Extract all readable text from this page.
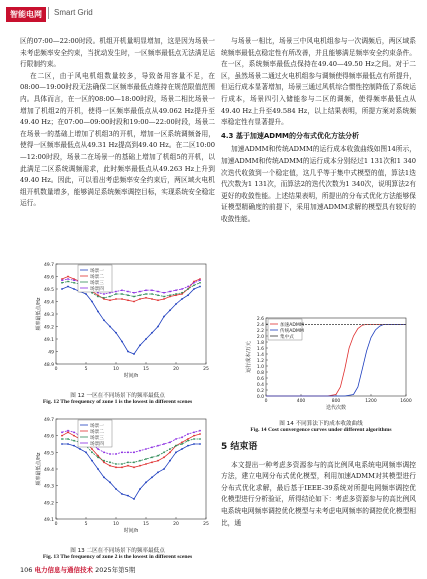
智能电网	Smart Grid

区的07:00—22:00时段。机组开机量明显增加，这是因为场景一未考虑频率安全约束，当扰动发生时，一区频率最低点无法满足运行限制约束。

在二区，由于风电机组数量较多，导致备用容量不足，在08:00—19:00时段无法确保二区频率最低点维持在规范限值范围内。具体而言，在一区的08:00—18:00时段，场景二相比场景一增加了机组2的开机，使得一区频率最低点从49.062 Hz提升至49.40 Hz；在07:00—09:00时段和19:00—22:00时段，场景二在场景一的基础上增加了机组3的开机，增加一区系统调频备用，使得一区频率最低点从49.31 Hz提高到49.40 Hz。在二区10:00—12:00时段，场景二在场景一的基础上增加了机组5的开机，以此满足二区系统调频需求，此时频率最低点从49.263 Hz上升到49.40 Hz。因此，可以看出考虑频率安全约束后，两区域火电机组开机数量增多，能够满足系统频率调控目标，实现系统安全稳定运行。

48.9
49
49.1
49.2
49.3
49.4
49.5
49.6
49.7
0	5	10	15	20	25
时间/h
频率最低点/Hz
场景一
场景二
场景三
场景四
图 12 一区在不同场景下的频率最低点
Fig. 12 The frequency of zone 1 is the lowest in different scenes
49.1
49.2
49.3
49.4
49.5
49.6
49.7
0	5	10	15	20	25
时间/h
频率最低点/Hz
场景一
场景二
场景三
场景四
图 13 二区在不同场景下的频率最低点
Fig. 13 The frequency of zone 2 is the lowest in different scenes

与场景一相比，场景三中风电机组参与一次调频后，两区域系统频率最低点稳定性有所改善，并且能够满足频率安全约束条件。在一区，系统频率最低点保持在49.40—49.50 Hz之间。对于二区，虽然场景二通过火电机组参与调频使得频率最低点有所提升，但运行成本显著增加，场景三通过风机综合惯性控制降低了系统运行成本，场景四引入储能参与二区的调频，使得频率最低点从49.40 Hz上升至49.584 Hz，以上结果表明，所提方案对系统频率稳定性有显著提升。

4.3 基于加速ADMM的分布式优化方法分析

加速ADMM和传统ADMM的运行成本收敛曲线如图14所示，加速ADMM和传统ADMM的运行成本分别经过1 131次和1 340次迭代收敛到一个稳定值，这几乎等于集中式模型的值，算法1迭代次数为1 131次，而算法2的迭代次数为1 340次，说明算法2有更好的收敛性能。上述结果表明，所提出的分布式优化方法能够保证模型精确度的前提下，采用加速ADMM求解的模型具有较好的收敛性能。

0.0
0.2
0.4
0.6
0.8
1.0
1.2
1.4
1.6
1.8
2.0
2.2
2.4
2.6
0	400	800	1200	1600
迭代次数
运行成本/万元
加速ADMM
传统ADMM
集中式
图 14 不同算法下的成本收敛曲线
Fig. 14 Cost convergence curves under different algorithms
5 结束语

本文提出一种考虑多资源参与的高比例风电系统电网频率调控方法，建立电网分布式优化模型，利用加速ADMM对其模型进行分布式优化求解，最后基于IEEE-39系统对所提电网频率调控优化模型进行分析验证，所得结论如下：考虑多资源参与的高比例风电系统电网频率调控优化模型与未考虑电网频率的调控优化模型相比，通

106 电力信息与通信技术 2025年第5期
